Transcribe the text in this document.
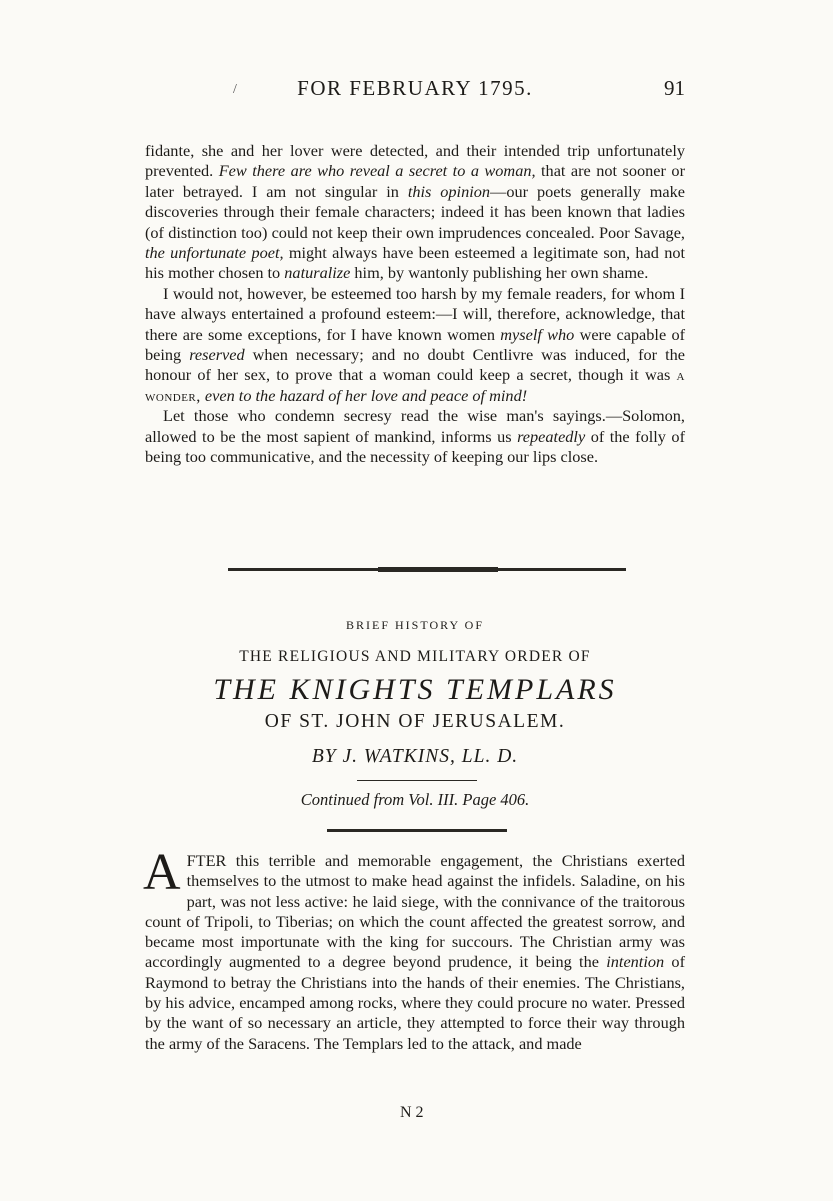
/	FOR FEBRUARY 1795.	91

fidante, she and her lover were detected, and their intended trip unfortunately prevented. Few there are who reveal a secret to a woman, that are not sooner or later betrayed. I am not singular in this opinion—our poets generally make discoveries through their female characters; indeed it has been known that ladies (of distinction too) could not keep their own imprudences concealed. Poor Savage, the unfortunate poet, might always have been esteemed a legitimate son, had not his mother chosen to naturalize him, by wantonly publishing her own shame.

I would not, however, be esteemed too harsh by my female readers, for whom I have always entertained a profound esteem:—I will, therefore, acknowledge, that there are some exceptions, for I have known women myself who were capable of being reserved when necessary; and no doubt Centlivre was induced, for the honour of her sex, to prove that a woman could keep a secret, though it was a wonder, even to the hazard of her love and peace of mind!

Let those who condemn secresy read the wise man's sayings.—Solomon, allowed to be the most sapient of mankind, informs us repeatedly of the folly of being too communicative, and the necessity of keeping our lips close.

BRIEF HISTORY OF
THE RELIGIOUS AND MILITARY ORDER OF
THE KNIGHTS TEMPLARS
OF ST. JOHN OF JERUSALEM.
BY J. WATKINS, LL. D.
Continued from Vol. III. Page 406.

AFTER this terrible and memorable engagement, the Christians exerted themselves to the utmost to make head against the infidels. Saladine, on his part, was not less active: he laid siege, with the connivance of the traitorous count of Tripoli, to Tiberias; on which the count affected the greatest sorrow, and became most importunate with the king for succours. The Christian army was accordingly augmented to a degree beyond prudence, it being the intention of Raymond to betray the Christians into the hands of their enemies. The Christians, by his advice, encamped among rocks, where they could procure no water. Pressed by the want of so necessary an article, they attempted to force their way through the army of the Saracens. The Templars led to the attack, and made

N 2
